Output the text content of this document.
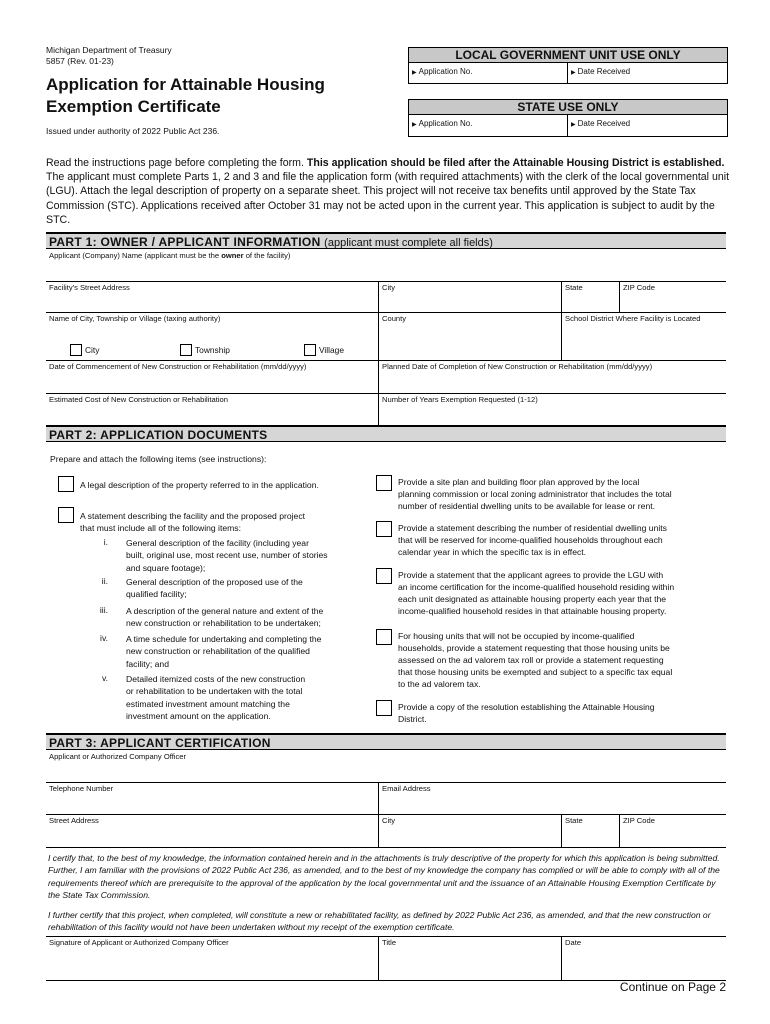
Michigan Department of Treasury
5857 (Rev. 01-23)
Application for Attainable Housing Exemption Certificate
Issued under authority of 2022 Public Act 236.
LOCAL GOVERNMENT UNIT USE ONLY
▶ Application No.	▶ Date Received
STATE USE ONLY
▶ Application No.	▶ Date Received
Read the instructions page before completing the form. This application should be filed after the Attainable Housing District is established. The applicant must complete Parts 1, 2 and 3 and file the application form (with required attachments) with the clerk of the local governmental unit (LGU). Attach the legal description of property on a separate sheet. This project will not receive tax benefits until approved by the State Tax Commission (STC). Applications received after October 31 may not be acted upon in the current year. This application is subject to audit by the STC.
PART 1: OWNER / APPLICANT INFORMATION (applicant must complete all fields)
Applicant (Company) Name (applicant must be the owner of the facility)
Facility's Street Address	City	State	ZIP Code
Name of City, Township or Village (taxing authority)
City	Township	Village
County	School District Where Facility is Located
Date of Commencement of New Construction or Rehabilitation (mm/dd/yyyy)	Planned Date of Completion of New Construction or Rehabilitation (mm/dd/yyyy)
Estimated Cost of New Construction or Rehabilitation	Number of Years Exemption Requested (1-12)
PART 2: APPLICATION DOCUMENTS
Prepare and attach the following items (see instructions):
A legal description of the property referred to in the application.
A statement describing the facility and the proposed project
that must include all of the following items:
i. General description of the facility (including year
built, original use, most recent use, number of stories
and square footage);
ii. General description of the proposed use of the
qualified facility;
iii. A description of the general nature and extent of the
new construction or rehabilitation to be undertaken;
iv. A time schedule for undertaking and completing the
new construction or rehabilitation of the qualified
facility; and
v. Detailed itemized costs of the new construction
or rehabilitation to be undertaken with the total
estimated investment amount matching the
investment amount on the application.
Provide a site plan and building floor plan approved by the local
planning commission or local zoning administrator that includes the total
number of residential dwelling units to be available for lease or rent.
Provide a statement describing the number of residential dwelling units
that will be reserved for income-qualified households throughout each
calendar year in which the specific tax is in effect.
Provide a statement that the applicant agrees to provide the LGU with
an income certification for the income-qualified household residing within
each unit designated as attainable housing property each year that the
income-qualified household resides in that attainable housing property.
For housing units that will not be occupied by income-qualified
households, provide a statement requesting that those housing units be
assessed on the ad valorem tax roll or provide a statement requesting
that those housing units be exempted and subject to a specific tax equal
to the ad valorem tax.
Provide a copy of the resolution establishing the Attainable Housing
District.
PART 3: APPLICANT CERTIFICATION
Applicant or Authorized Company Officer
Telephone Number	Email Address
Street Address	City	State	ZIP Code
I certify that, to the best of my knowledge, the information contained herein and in the attachments is truly descriptive of the property for which this application is being submitted. Further, I am familiar with the provisions of 2022 Public Act 236, as amended, and to the best of my knowledge the company has complied or will be able to comply with all of the requirements thereof which are prerequisite to the approval of the application by the local governmental unit and the issuance of an Attainable Housing Exemption Certificate by the State Tax Commission.
I further certify that this project, when completed, will constitute a new or rehabilitated facility, as defined by 2022 Public Act 236, as amended, and that the new construction or rehabilitation of this facility would not have been undertaken without my receipt of the exemption certificate.
Signature of Applicant or Authorized Company Officer	Title	Date
Continue on Page 2
